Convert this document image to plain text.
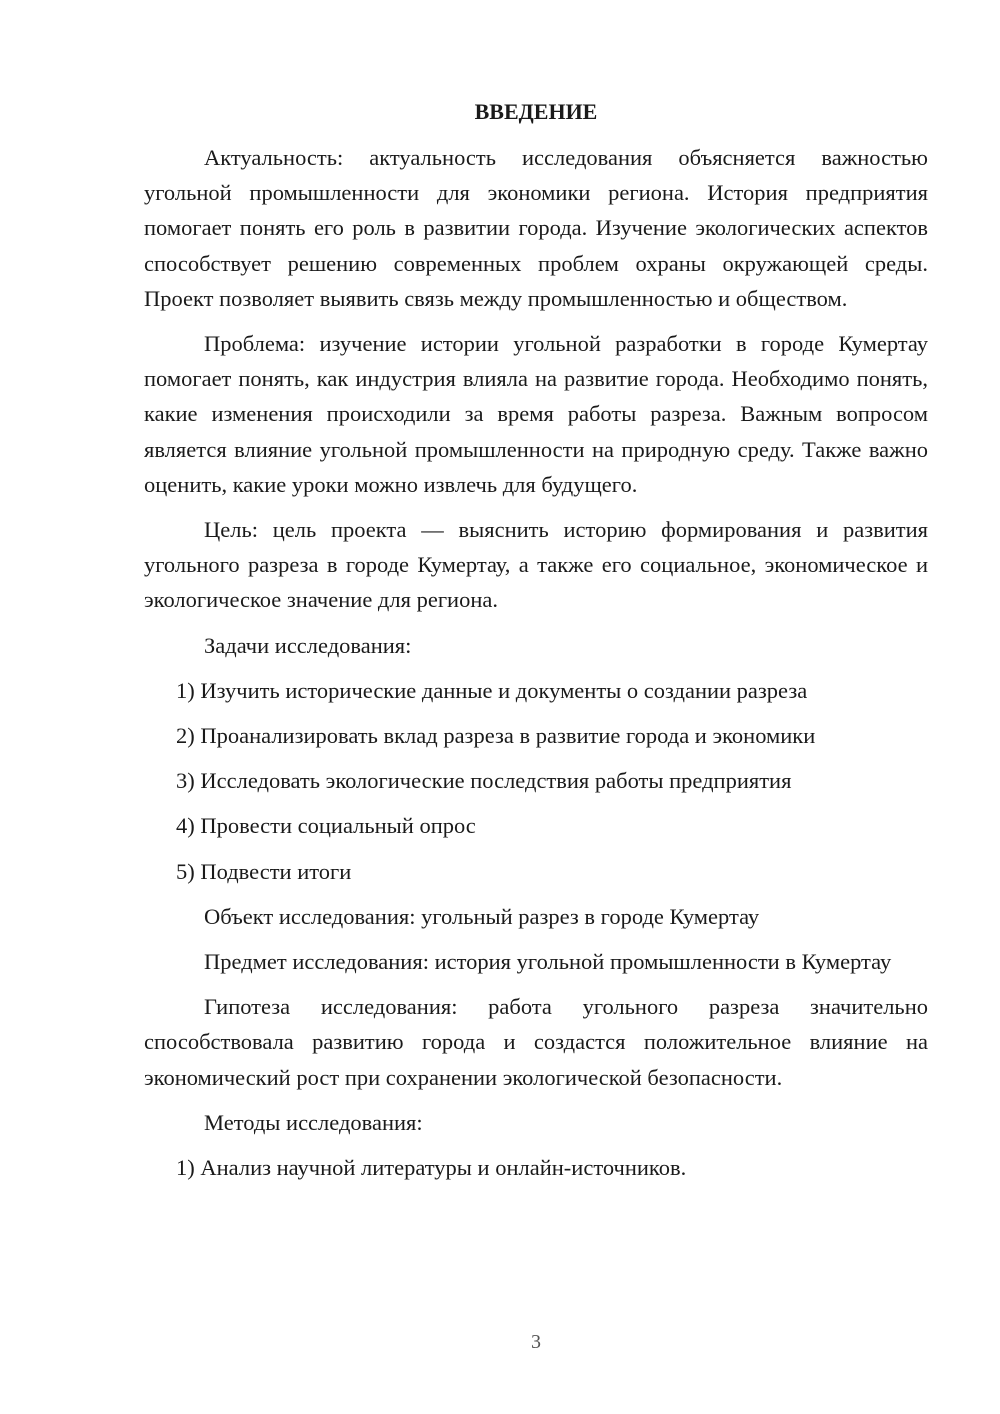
ВВЕДЕНИЕ

Актуальность: актуальность исследования объясняется важностью угольной промышленности для экономики региона. История предприятия помогает понять его роль в развитии города. Изучение экологических аспектов способствует решению современных проблем охраны окружающей среды. Проект позволяет выявить связь между промышленностью и обществом.

Проблема: изучение истории угольной разработки в городе Кумертау помогает понять, как индустрия влияла на развитие города. Необходимо понять, какие изменения происходили за время работы разреза. Важным вопросом является влияние угольной промышленности на природную среду. Также важно оценить, какие уроки можно извлечь для будущего.

Цель: цель проекта — выяснить историю формирования и развития угольного разреза в городе Кумертау, а также его социальное, экономическое и экологическое значение для региона.

Задачи исследования:

1) Изучить исторические данные и документы о создании разреза
2) Проанализировать вклад разреза в развитие города и экономики
3) Исследовать экологические последствия работы предприятия
4) Провести социальный опрос
5) Подвести итоги

Объект исследования: угольный разрез в городе Кумертау

Предмет исследования: история угольной промышленности в Кумертау

Гипотеза исследования: работа угольного разреза значительно способствовала развитию города и создастся положительное влияние на экономический рост при сохранении экологической безопасности.

Методы исследования:

1) Анализ научной литературы и онлайн-источников.
3
